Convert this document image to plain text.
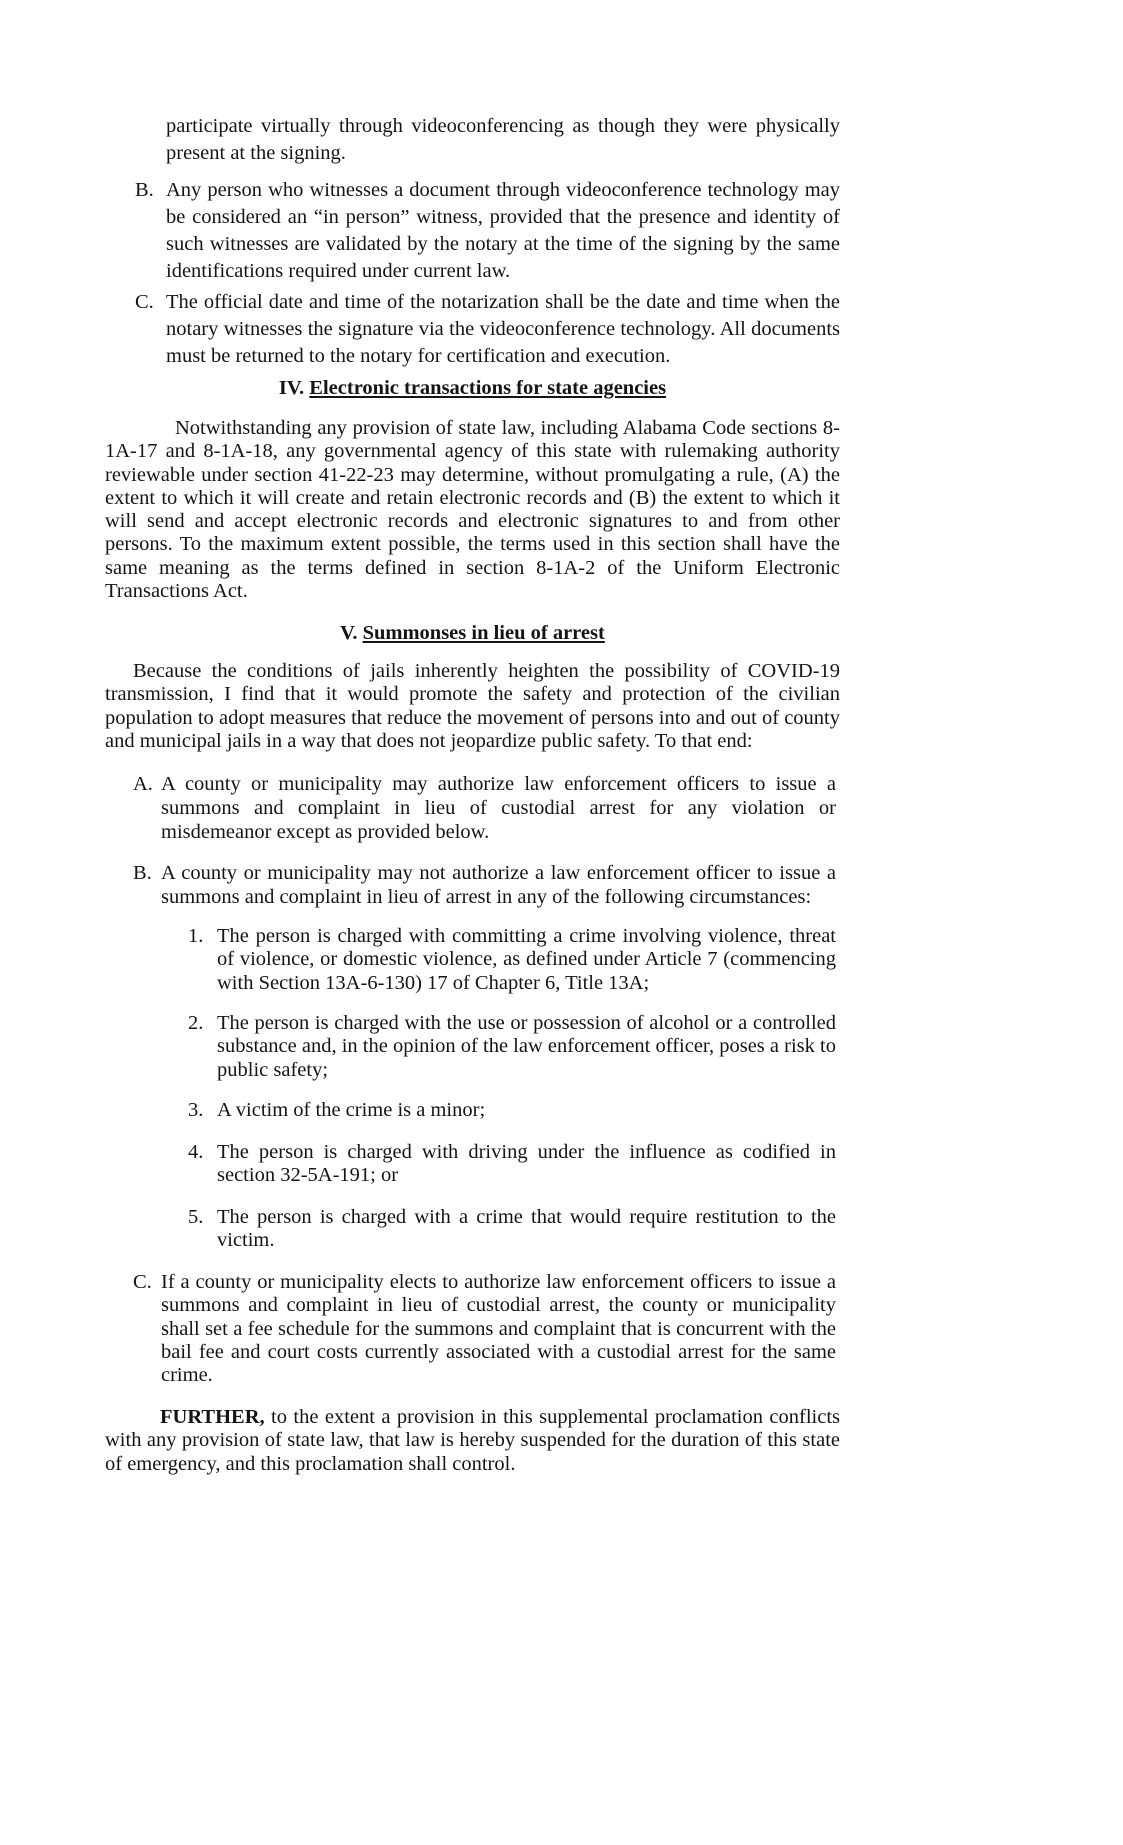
participate virtually through videoconferencing as though they were physically present at the signing.

B. Any person who witnesses a document through videoconference technology may be considered an “in person” witness, provided that the presence and identity of such witnesses are validated by the notary at the time of the signing by the same identifications required under current law.

C. The official date and time of the notarization shall be the date and time when the notary witnesses the signature via the videoconference technology. All documents must be returned to the notary for certification and execution.

IV. Electronic transactions for state agencies

Notwithstanding any provision of state law, including Alabama Code sections 8-1A-17 and 8-1A-18, any governmental agency of this state with rulemaking authority reviewable under section 41-22-23 may determine, without promulgating a rule, (A) the extent to which it will create and retain electronic records and (B) the extent to which it will send and accept electronic records and electronic signatures to and from other persons. To the maximum extent possible, the terms used in this section shall have the same meaning as the terms defined in section 8-1A-2 of the Uniform Electronic Transactions Act.

V. Summonses in lieu of arrest

Because the conditions of jails inherently heighten the possibility of COVID-19 transmission, I find that it would promote the safety and protection of the civilian population to adopt measures that reduce the movement of persons into and out of county and municipal jails in a way that does not jeopardize public safety. To that end:

A. A county or municipality may authorize law enforcement officers to issue a summons and complaint in lieu of custodial arrest for any violation or misdemeanor except as provided below.

B. A county or municipality may not authorize a law enforcement officer to issue a summons and complaint in lieu of arrest in any of the following circumstances:

1. The person is charged with committing a crime involving violence, threat of violence, or domestic violence, as defined under Article 7 (commencing with Section 13A-6-130) 17 of Chapter 6, Title 13A;

2. The person is charged with the use or possession of alcohol or a controlled substance and, in the opinion of the law enforcement officer, poses a risk to public safety;

3. A victim of the crime is a minor;

4. The person is charged with driving under the influence as codified in section 32-5A-191; or

5. The person is charged with a crime that would require restitution to the victim.

C. If a county or municipality elects to authorize law enforcement officers to issue a summons and complaint in lieu of custodial arrest, the county or municipality shall set a fee schedule for the summons and complaint that is concurrent with the bail fee and court costs currently associated with a custodial arrest for the same crime.

FURTHER, to the extent a provision in this supplemental proclamation conflicts with any provision of state law, that law is hereby suspended for the duration of this state of emergency, and this proclamation shall control.
